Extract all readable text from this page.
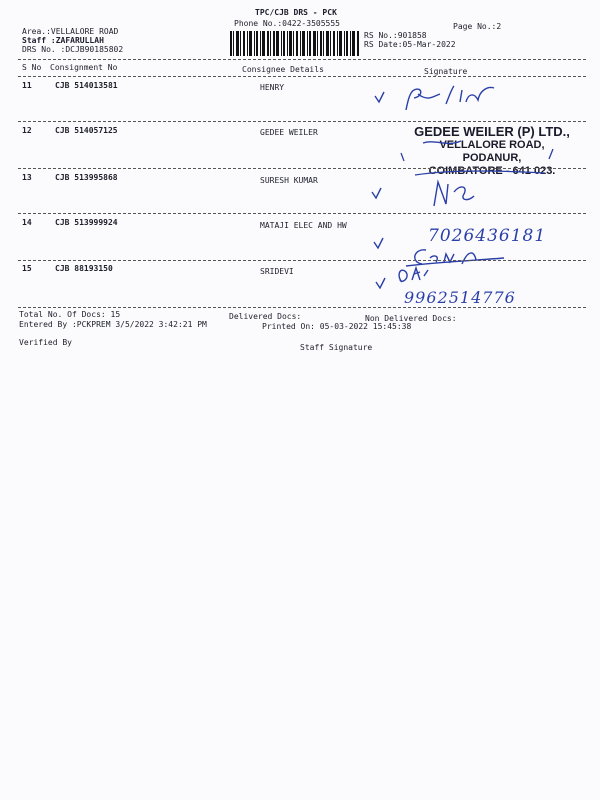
TPC/CJB DRS - PCK
Phone No.:0422-3505555	Page No.:2
Area.:VELLALORE ROAD
Staff :ZAFARULLAH
DRS No. :DCJB90185802
RS No.:901858
RS Date:05-Mar-2022
S No Consignment No	Consignee Details	Signature
11	CJB 514013581	HENRY
12	CJB 514057125	GEDEE WEILER	GEDEE WEILER (P) LTD.,
VELLALORE ROAD,
PODANUR,
COIMBATORE - 641 023.
13	CJB 513995868	SURESH KUMAR
14	CJB 513999924	MATAJI ELEC AND HW
7026436181
15	CJB 88193150	SRIDEVI
9962514776
Total No. Of Docs: 15	Delivered Docs:	Non Delivered Docs:
Entered By :PCKPREM 3/5/2022 3:42:21 PM	Printed On: 05-03-2022 15:45:38
Verified By
Staff Signature
